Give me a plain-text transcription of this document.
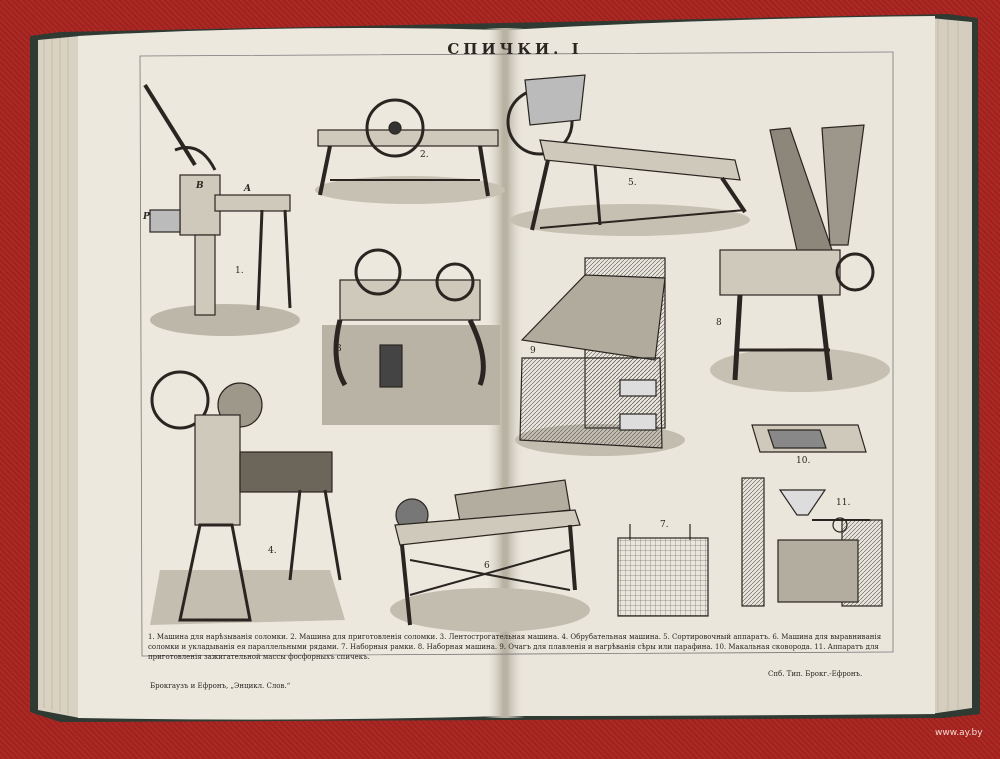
СПИЧКИ. I
1.
2.
3
4.
5.
6
7.
8
9
10.
11.
B	A
P

1. Машина для нарѣзыванія соломки. 2. Машина для приготовленія соломки. 3. Лентострогательная машина. 4. Обрубательная машина. 5. Сортировочный аппаратъ. 6. Машина для выравниванія соломки и укладыванія ея параллельными рядами. 7. Наборныя рамки. 8. Наборная машина. 9. Очагъ для плавленія и нагрѣванія сѣры или парафина. 10. Макальная сковорода. 11. Аппаратъ для приготовленія зажигательной массы фосфорныхъ спичекъ.

Брокгаузъ и Ефронъ, „Энцикл. Слов.“
Спб. Тип. Брокг.-Ефронъ.
www.ay.by
